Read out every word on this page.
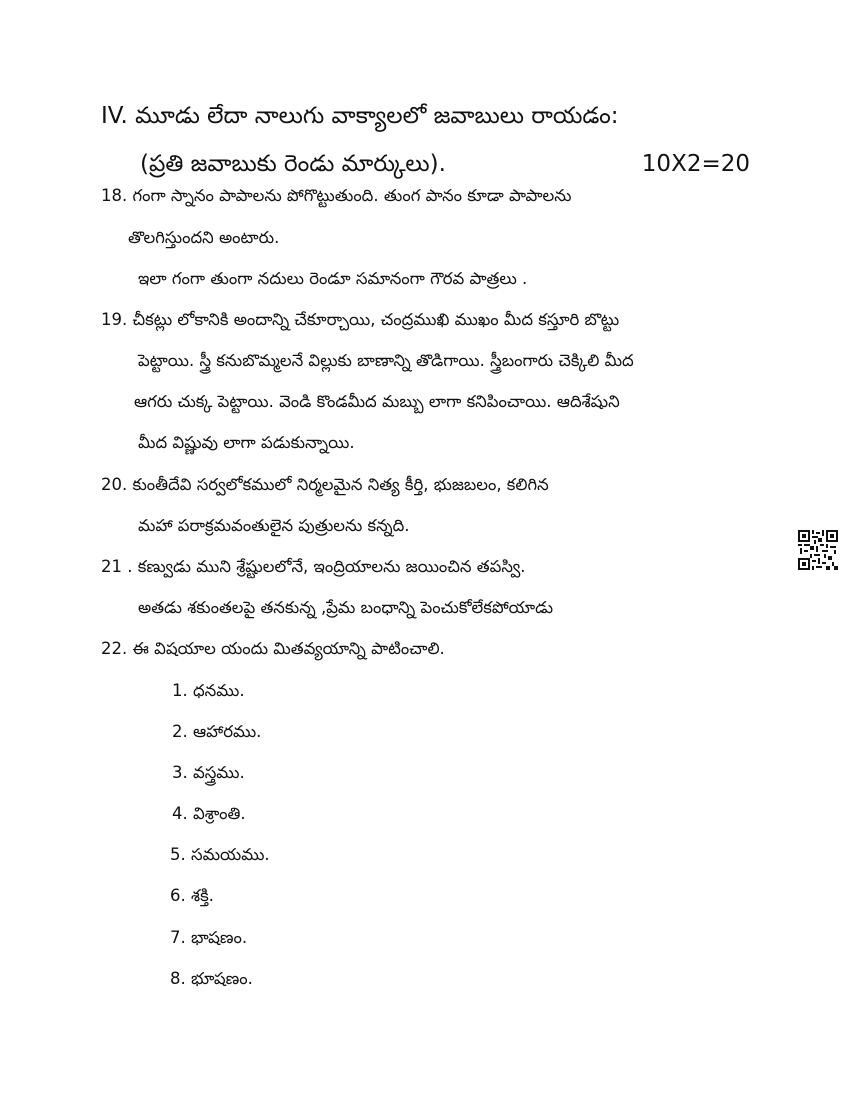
IV. మూడు లేదా నాలుగు వాక్యాలలో జవాబులు రాయడం:
(ప్రతి జవాబుకు రెండు మార్కులు).	10X2=20
18. గంగా స్నానం పాపాలను పోగొట్టుతుంది. తుంగ పానం కూడా పాపాలను
తొలగిస్తుందని అంటారు.
ఇలా గంగా తుంగా నదులు రెండూ సమానంగా గౌరవ పాత్రలు .
19. చీకట్లు లోకానికి అందాన్ని చేకూర్చాయి, చంద్రముఖి ముఖం మీద కస్తూరి బొట్టు
పెట్టాయి. స్త్రీ కనుబొమ్మలనే విల్లుకు బాణాన్ని తొడిగాయి. స్త్రీబంగారు చెక్కిలి మీద
ఆగరు చుక్క పెట్టాయి. వెండి కొండమీద మబ్బు లాగా కనిపించాయి. ఆదిశేషుని
మీద విష్ణువు లాగా పడుకున్నాయి.
20. కుంతీదేవి సర్వలోకములో నిర్మలమైన నిత్య కీర్తి, భుజబలం, కలిగిన
మహా పరాక్రమవంతులైన పుత్రులను కన్నది.
21 . కణ్వుడు ముని శ్రేష్టులలోనే, ఇంద్రియాలను జయించిన తపస్వి.
అతడు శకుంతలపై తనకున్న ,ప్రేమ బంధాన్ని పెంచుకోలేకపోయాడు
22. ఈ విషయాల యందు మితవ్యయాన్ని పాటించాలి.
1. ధనము.
2. ఆహారము.
3. వస్త్రము.
4. విశ్రాంతి.
5. సమయము.
6. శక్తి.
7. భాషణం.
8. భూషణం.
